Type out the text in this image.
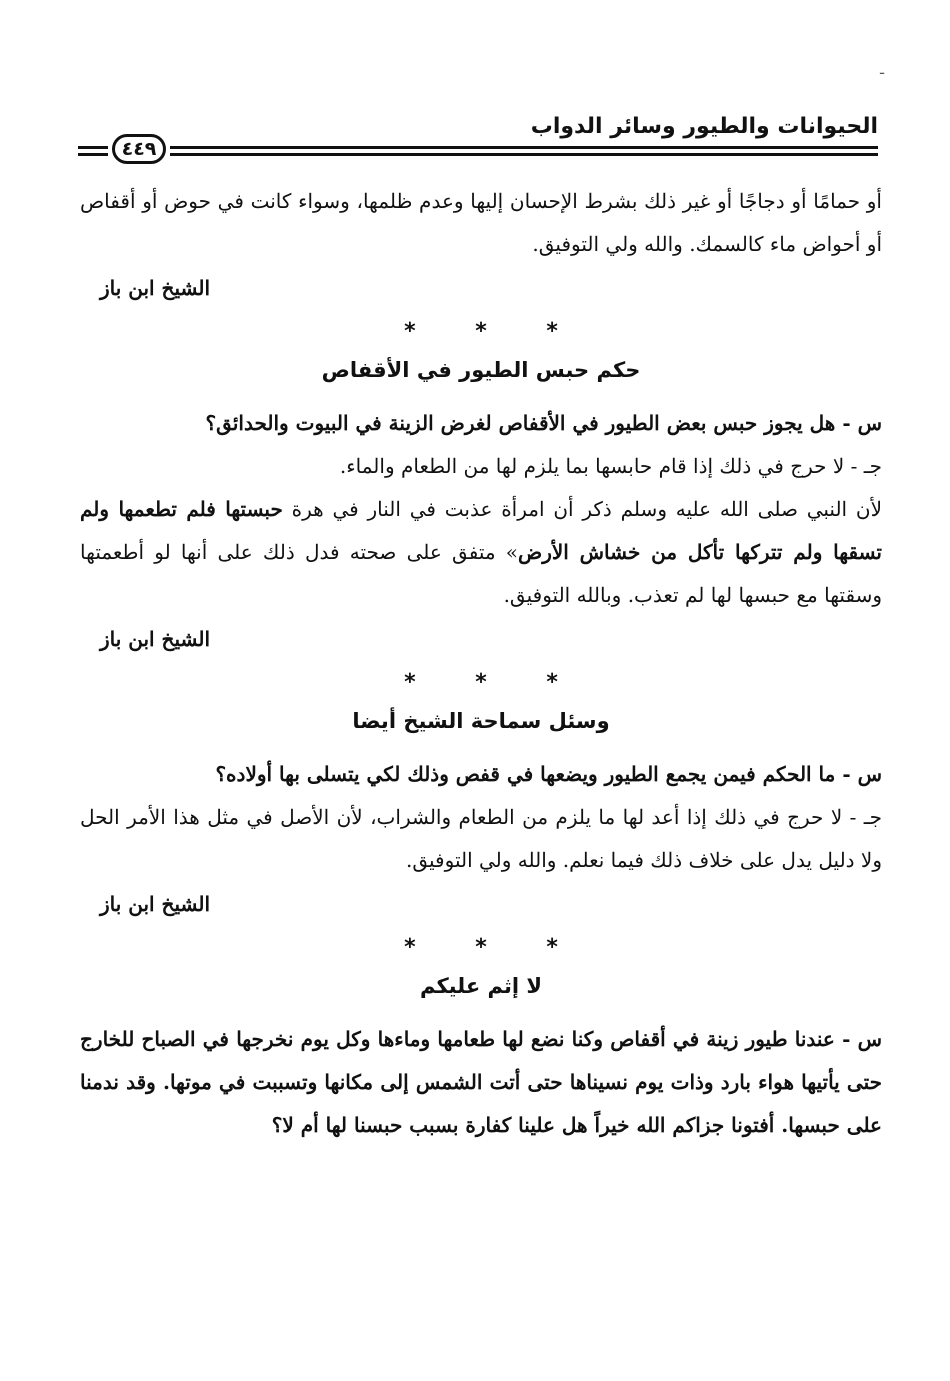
ـ
الحيوانات والطيور وسائر الدواب
٤٤٩

أو حمامًا أو دجاجًا أو غير ذلك بشرط الإحسان إليها وعدم ظلمها، وسواء كانت في حوض أو أقفاص أو أحواض ماء كالسمك. والله ولي التوفيق.

الشيخ ابن باز

* * *
حكم حبس الطيور في الأقفاص

س - هل يجوز حبس بعض الطيور في الأقفاص لغرض الزينة في البيوت والحدائق؟

جـ - لا حرج في ذلك إذا قام حابسها بما يلزم لها من الطعام والماء.

لأن النبي صلى الله عليه وسلم ذكر أن امرأة عذبت في النار في هرة حبستها فلم تطعمها ولم تسقها ولم تتركها تأكل من خشاش الأرض» متفق على صحته فدل ذلك على أنها لو أطعمتها وسقتها مع حبسها لها لم تعذب. وبالله التوفيق.

الشيخ ابن باز

* * *
وسئل سماحة الشيخ أيضا

س - ما الحكم فيمن يجمع الطيور ويضعها في قفص وذلك لكي يتسلى بها أولاده؟

جـ - لا حرج في ذلك إذا أعد لها ما يلزم من الطعام والشراب، لأن الأصل في مثل هذا الأمر الحل ولا دليل يدل على خلاف ذلك فيما نعلم. والله ولي التوفيق.

الشيخ ابن باز

* * *
لا إثم عليكم

س - عندنا طيور زينة في أقفاص وكنا نضع لها طعامها وماءها وكل يوم نخرجها في الصباح للخارج حتى يأتيها هواء بارد وذات يوم نسيناها حتى أتت الشمس إلى مكانها وتسببت في موتها. وقد ندمنا على حبسها. أفتونا جزاكم الله خيراً هل علينا كفارة بسبب حبسنا لها أم لا؟
